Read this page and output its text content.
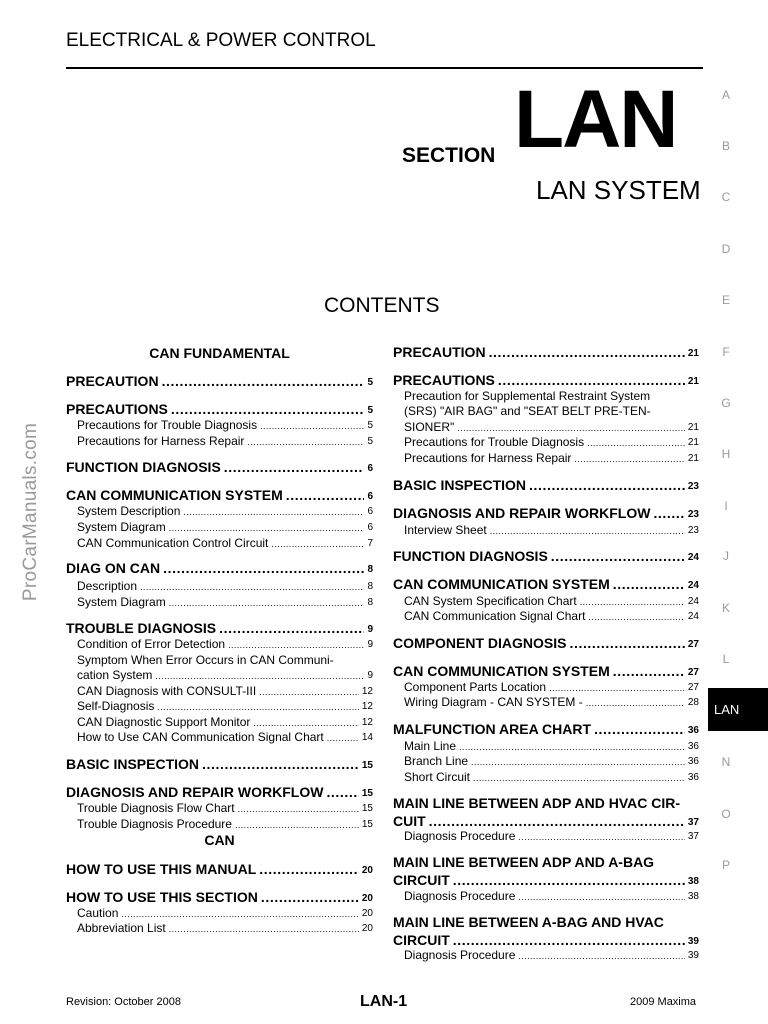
ELECTRICAL & POWER CONTROL
SECTION LAN
LAN SYSTEM
CONTENTS
ProCarManuals.com
A
B
C
D
E
F
G
H
I
J
K
L
LAN
N
O
P
CAN FUNDAMENTAL
PRECAUTION .....	5
PRECAUTIONS .....	5
Precautions for Trouble Diagnosis .....	5
Precautions for Harness Repair .....	5
FUNCTION DIAGNOSIS .....	6
CAN COMMUNICATION SYSTEM .....	6
System Description .....	6
System Diagram .....	6
CAN Communication Control Circuit .....	7
DIAG ON CAN .....	8
Description .....	8
System Diagram .....	8
TROUBLE DIAGNOSIS .....	9
Condition of Error Detection .....	9
Symptom When Error Occurs in CAN Communi-
cation System .....	9
CAN Diagnosis with CONSULT-III .....	12
Self-Diagnosis .....	12
CAN Diagnostic Support Monitor .....	12
How to Use CAN Communication Signal Chart .....	14
BASIC INSPECTION .....	15
DIAGNOSIS AND REPAIR WORKFLOW .....	15
Trouble Diagnosis Flow Chart .....	15
Trouble Diagnosis Procedure .....	15
CAN
HOW TO USE THIS MANUAL .....	20
HOW TO USE THIS SECTION .....	20
Caution .....	20
Abbreviation List .....	20
PRECAUTION .....	21
PRECAUTIONS .....	21
Precaution for Supplemental Restraint System
(SRS) "AIR BAG" and "SEAT BELT PRE-TEN-
SIONER" .....	21
Precautions for Trouble Diagnosis .....	21
Precautions for Harness Repair .....	21
BASIC INSPECTION .....	23
DIAGNOSIS AND REPAIR WORKFLOW .....	23
Interview Sheet .....	23
FUNCTION DIAGNOSIS .....	24
CAN COMMUNICATION SYSTEM .....	24
CAN System Specification Chart .....	24
CAN Communication Signal Chart .....	24
COMPONENT DIAGNOSIS .....	27
CAN COMMUNICATION SYSTEM .....	27
Component Parts Location .....	27
Wiring Diagram - CAN SYSTEM - .....	28
MALFUNCTION AREA CHART .....	36
Main Line .....	36
Branch Line .....	36
Short Circuit .....	36
MAIN LINE BETWEEN ADP AND HVAC CIR-
CUIT .....	37
Diagnosis Procedure .....	37
MAIN LINE BETWEEN ADP AND A-BAG
CIRCUIT .....	38
Diagnosis Procedure .....	38
MAIN LINE BETWEEN A-BAG AND HVAC
CIRCUIT .....	39
Diagnosis Procedure .....	39
Revision: October 2008	LAN-1	2009 Maxima
